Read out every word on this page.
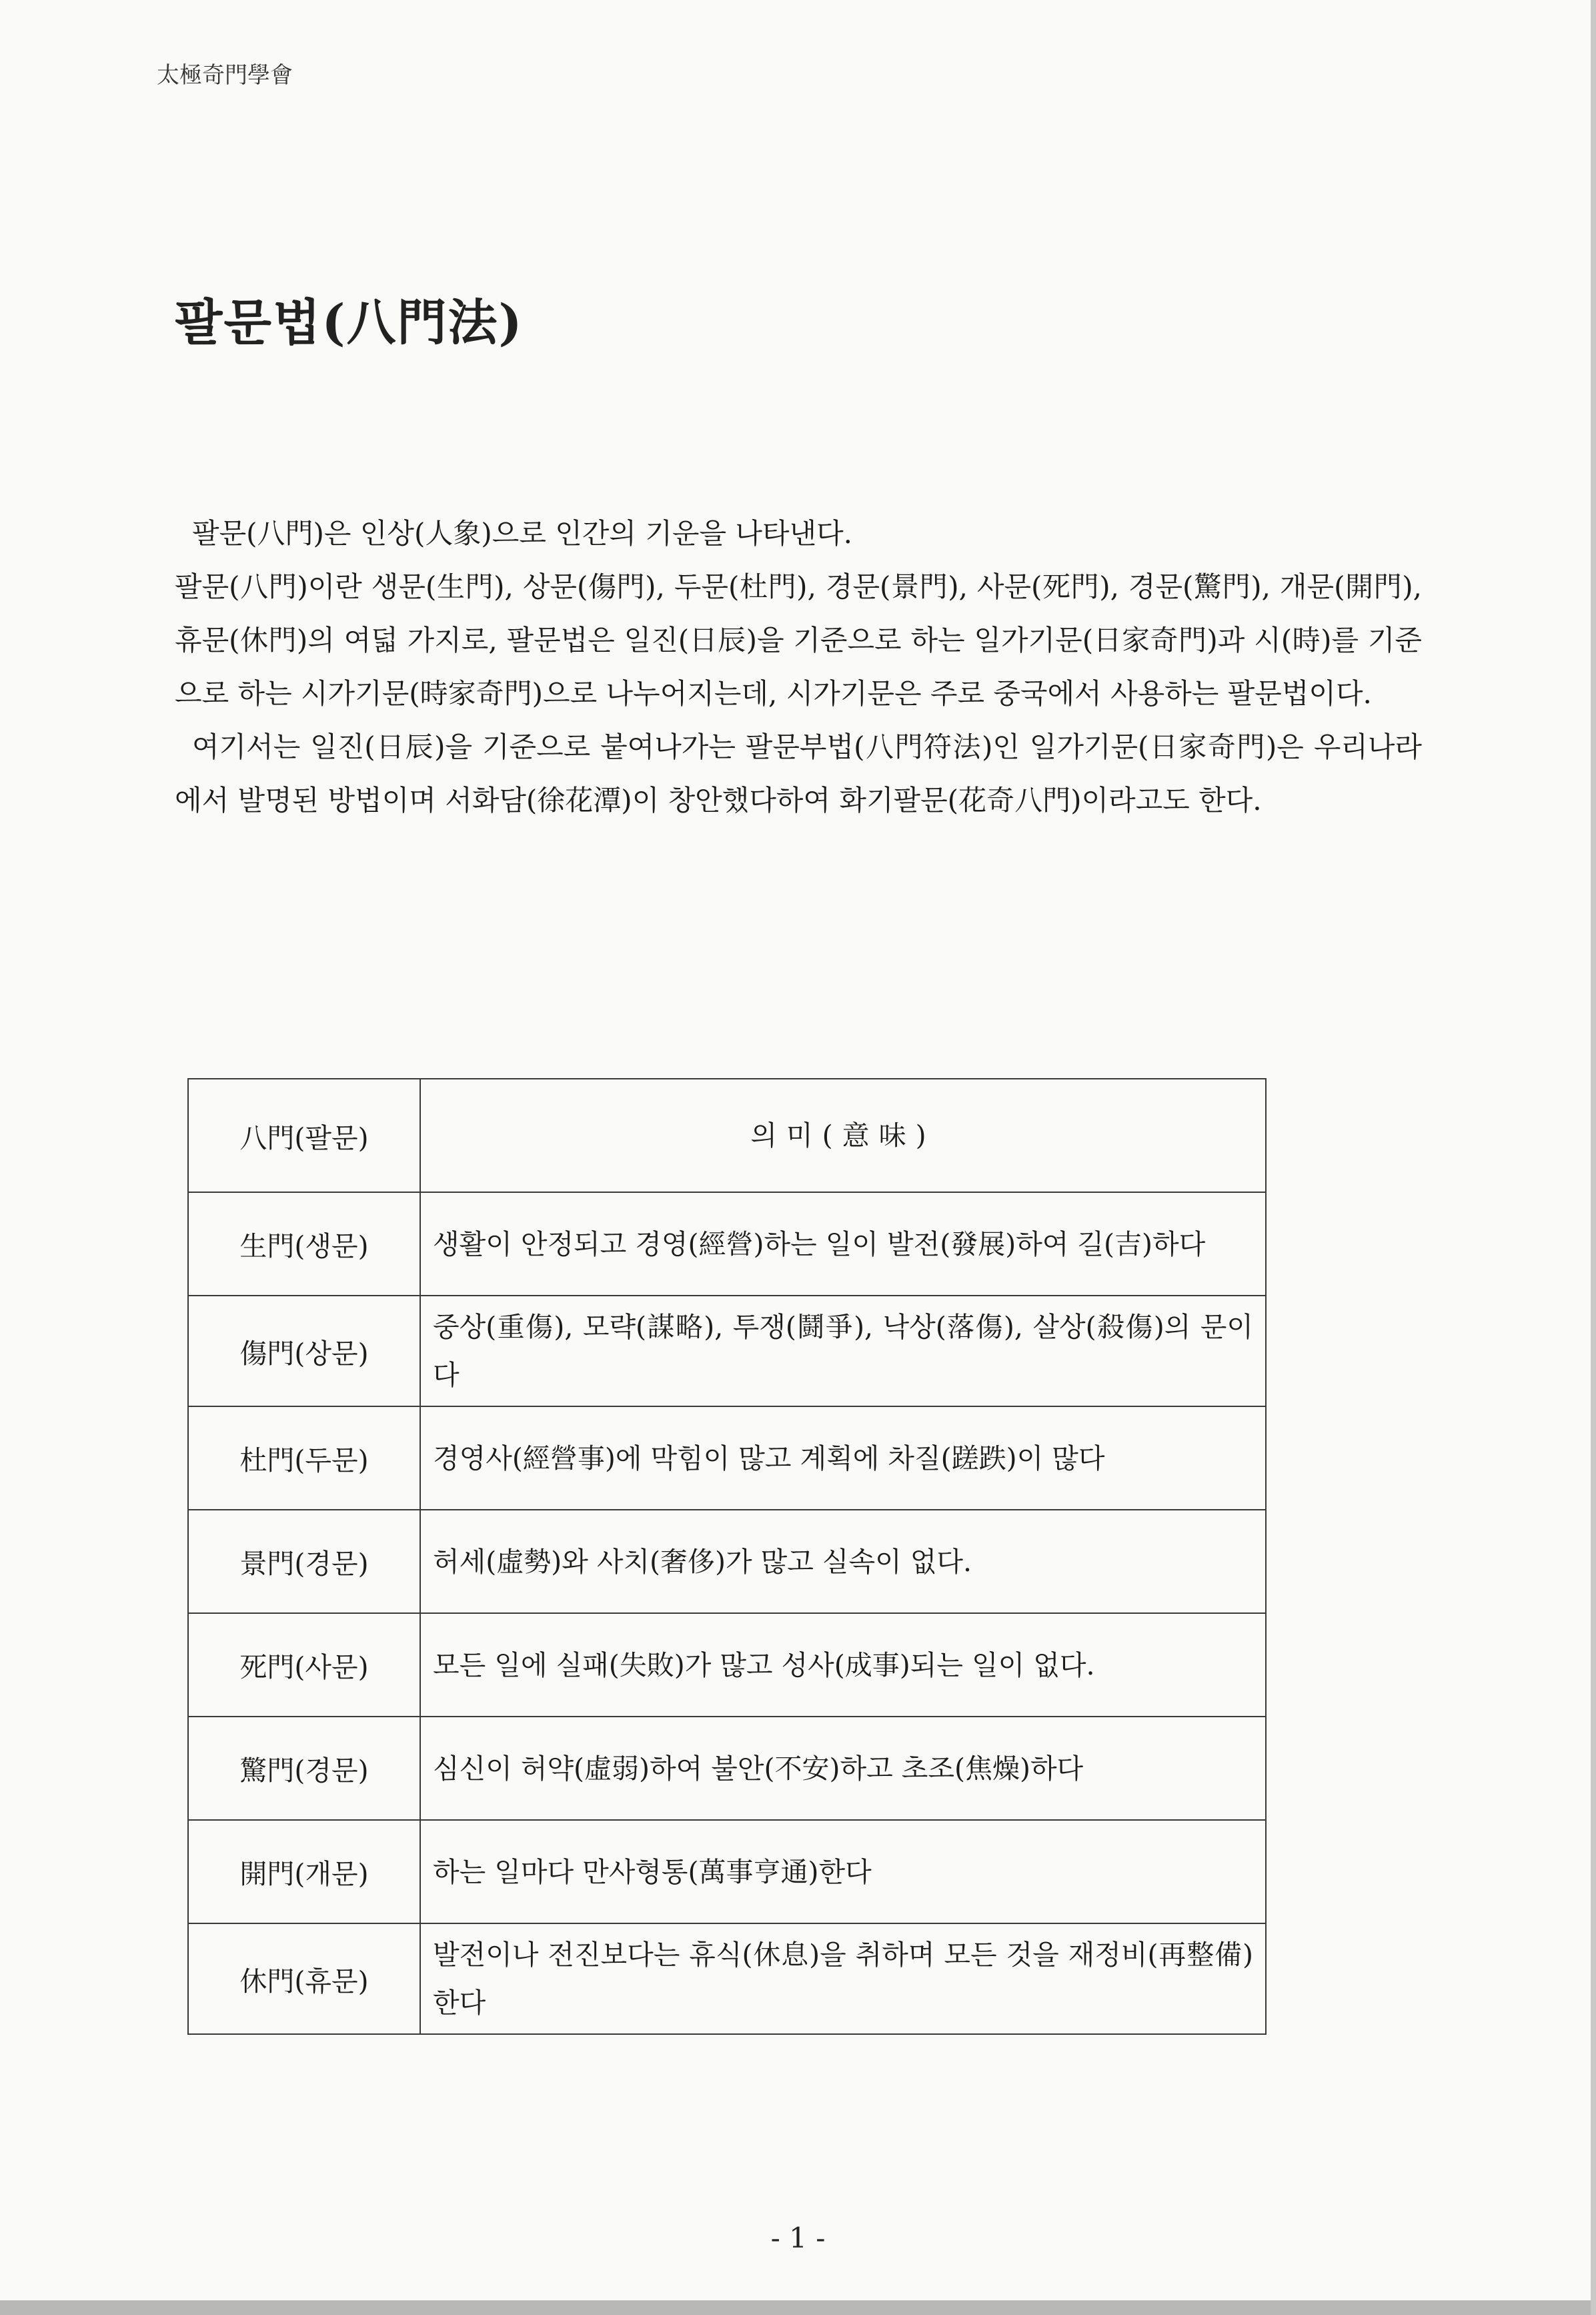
太極奇門學會
팔문법(八門法)

팔문(八門)은 인상(人象)으로 인간의 기운을 나타낸다.

팔문(八門)이란 생문(生門), 상문(傷門), 두문(杜門), 경문(景門), 사문(死門), 경문(驚門), 개문(開門), 휴문(休門)의 여덟 가지로, 팔문법은 일진(日辰)을 기준으로 하는 일가기문(日家奇門)과 시(時)를 기준으로 하는 시가기문(時家奇門)으로 나누어지는데, 시가기문은 주로 중국에서 사용하는 팔문법이다.

여기서는 일진(日辰)을 기준으로 붙여나가는 팔문부법(八門符法)인 일가기문(日家奇門)은 우리나라에서 발명된 방법이며 서화담(徐花潭)이 창안했다하여 화기팔문(花奇八門)이라고도 한다.

八門(팔문)	의미(意味)
生門(생문)	생활이 안정되고 경영(經營)하는 일이 발전(發展)하여 길(吉)하다
傷門(상문)	중상(重傷), 모략(謀略), 투쟁(鬪爭), 낙상(落傷), 살상(殺傷)의 문이다
杜門(두문)	경영사(經營事)에 막힘이 많고 계획에 차질(蹉跌)이 많다
景門(경문)	허세(虛勢)와 사치(奢侈)가 많고 실속이 없다.
死門(사문)	모든 일에 실패(失敗)가 많고 성사(成事)되는 일이 없다.
驚門(경문)	심신이 허약(虛弱)하여 불안(不安)하고 초조(焦燥)하다
開門(개문)	하는 일마다 만사형통(萬事亨通)한다
休門(휴문)	발전이나 전진보다는 휴식(休息)을 취하며 모든 것을 재정비(再整備)한다
- 1 -
